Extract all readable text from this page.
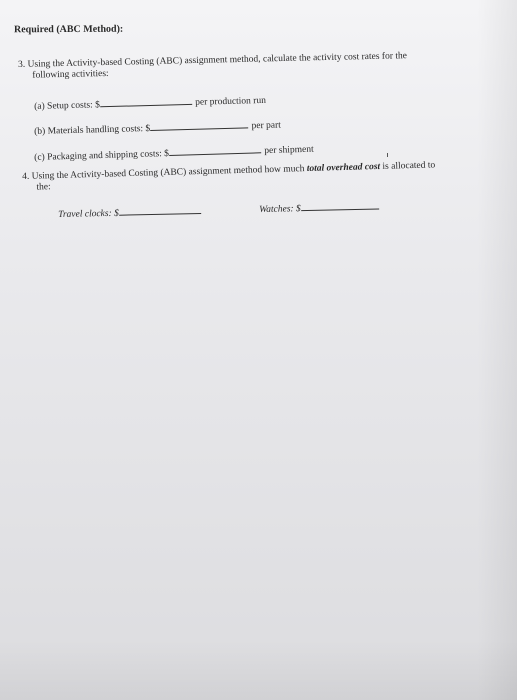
Required (ABC Method):
3. Using the Activity-based Costing (ABC) assignment method, calculate the activity cost rates for the
following activities:
(a) Setup costs: $	per production run
(b) Materials handling costs: $	per part
(c) Packaging and shipping costs: $	per shipment
4. Using the Activity-based Costing (ABC) assignment method how much total overhead cost is allocated to
the:
Travel clocks: $	Watches: $
